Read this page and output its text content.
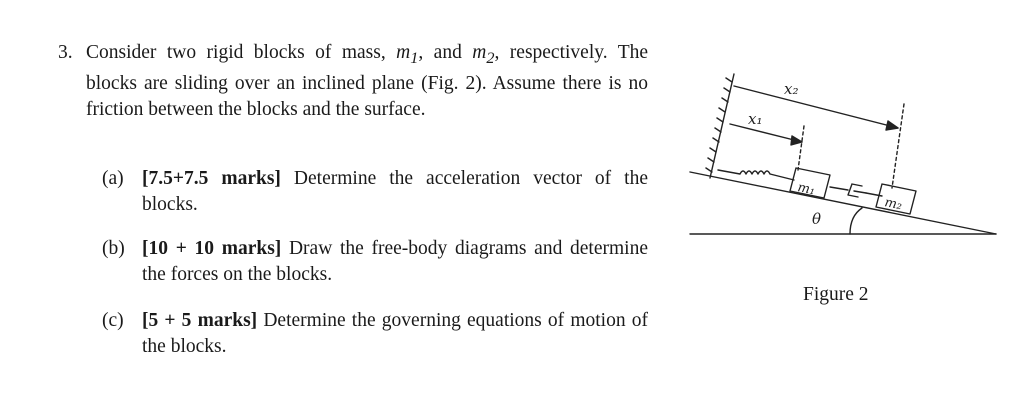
3. Consider two rigid blocks of mass, $m_1$, and $m_2$, respectively. The blocks are sliding over an inclined plane (Fig. 2). Assume there is no friction between the blocks and the surface.
(a) [7.5+7.5 marks] Determine the acceleration vector of the blocks.
(b) [10 + 10 marks] Draw the free-body diagrams and determine the forces on the blocks.
(c) [5 + 5 marks] Determine the governing equations of motion of the blocks.
x₂
x₁
m₁
m₂
θ
Figure 2
